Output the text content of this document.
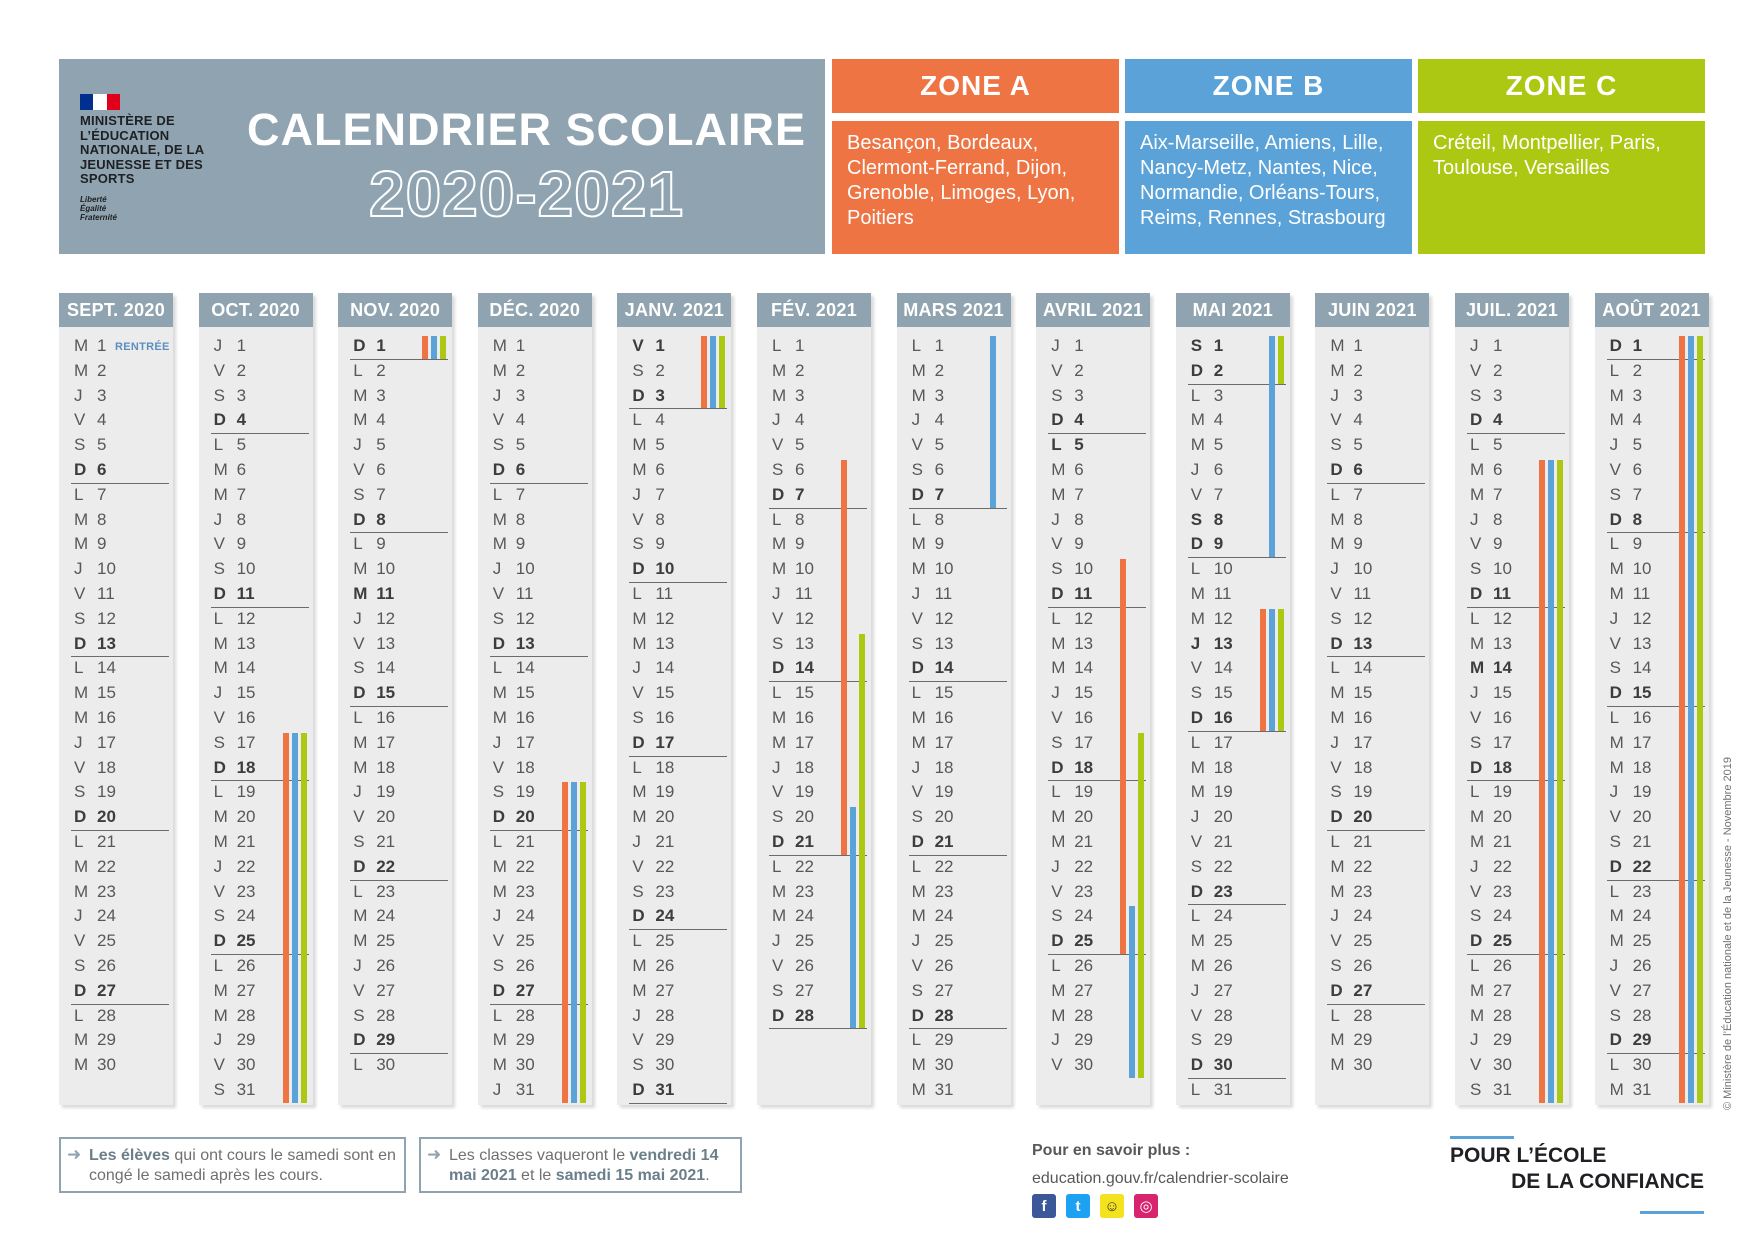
MINISTÈRE DE L’ÉDUCATION NATIONALE, DE LA JEUNESSE ET DES SPORTS
Liberté
Égalité
Fraternité
CALENDRIER SCOLAIRE
2020-2021
ZONE A
Besançon, Bordeaux, Clermont-Ferrand, Dijon, Grenoble, Limoges, Lyon, Poitiers
ZONE B
Aix-Marseille, Amiens, Lille, Nancy-Metz, Nantes, Nice, Normandie, Orléans-Tours, Reims, Rennes, Strasbourg
ZONE C
Créteil, Montpellier, Paris, Toulouse, Versailles
SEPT. 2020
M 1 RENTRÉE
M 2
J 3
V 4
S 5
D 6
L 7
M 8
M 9
J 10
V 11
S 12
D 13
L 14
M 15
M 16
J 17
V 18
S 19
D 20
L 21
M 22
M 23
J 24
V 25
S 26
D 27
L 28
M 29
M 30
OCT. 2020
J 1
V 2
S 3
D 4
L 5
M 6
M 7
J 8
V 9
S 10
D 11
L 12
M 13
M 14
J 15
V 16
S 17
D 18
L 19
M 20
M 21
J 22
V 23
S 24
D 25
L 26
M 27
M 28
J 29
V 30
S 31
NOV. 2020
D 1
L 2
M 3
M 4
J 5
V 6
S 7
D 8
L 9
M 10
M 11
J 12
V 13
S 14
D 15
L 16
M 17
M 18
J 19
V 20
S 21
D 22
L 23
M 24
M 25
J 26
V 27
S 28
D 29
L 30
DÉC. 2020
M 1
M 2
J 3
V 4
S 5
D 6
L 7
M 8
M 9
J 10
V 11
S 12
D 13
L 14
M 15
M 16
J 17
V 18
S 19
D 20
L 21
M 22
M 23
J 24
V 25
S 26
D 27
L 28
M 29
M 30
J 31
JANV. 2021
V 1
S 2
D 3
L 4
M 5
M 6
J 7
V 8
S 9
D 10
L 11
M 12
M 13
J 14
V 15
S 16
D 17
L 18
M 19
M 20
J 21
V 22
S 23
D 24
L 25
M 26
M 27
J 28
V 29
S 30
D 31
FÉV. 2021
L 1
M 2
M 3
J 4
V 5
S 6
D 7
L 8
M 9
M 10
J 11
V 12
S 13
D 14
L 15
M 16
M 17
J 18
V 19
S 20
D 21
L 22
M 23
M 24
J 25
V 26
S 27
D 28
MARS 2021
L 1
M 2
M 3
J 4
V 5
S 6
D 7
L 8
M 9
M 10
J 11
V 12
S 13
D 14
L 15
M 16
M 17
J 18
V 19
S 20
D 21
L 22
M 23
M 24
J 25
V 26
S 27
D 28
L 29
M 30
M 31
AVRIL 2021
J 1
V 2
S 3
D 4
L 5
M 6
M 7
J 8
V 9
S 10
D 11
L 12
M 13
M 14
J 15
V 16
S 17
D 18
L 19
M 20
M 21
J 22
V 23
S 24
D 25
L 26
M 27
M 28
J 29
V 30
MAI 2021
S 1
D 2
L 3
M 4
M 5
J 6
V 7
S 8
D 9
L 10
M 11
M 12
J 13
V 14
S 15
D 16
L 17
M 18
M 19
J 20
V 21
S 22
D 23
L 24
M 25
M 26
J 27
V 28
S 29
D 30
L 31
JUIN 2021
M 1
M 2
J 3
V 4
S 5
D 6
L 7
M 8
M 9
J 10
V 11
S 12
D 13
L 14
M 15
M 16
J 17
V 18
S 19
D 20
L 21
M 22
M 23
J 24
V 25
S 26
D 27
L 28
M 29
M 30
JUIL. 2021
J 1
V 2
S 3
D 4
L 5
M 6
M 7
J 8
V 9
S 10
D 11
L 12
M 13
M 14
J 15
V 16
S 17
D 18
L 19
M 20
M 21
J 22
V 23
S 24
D 25
L 26
M 27
M 28
J 29
V 30
S 31
AOÛT 2021
D 1
L 2
M 3
M 4
J 5
V 6
S 7
D 8
L 9
M 10
M 11
J 12
V 13
S 14
D 15
L 16
M 17
M 18
J 19
V 20
S 21
D 22
L 23
M 24
M 25
J 26
V 27
S 28
D 29
L 30
M 31
➜ Les élèves qui ont cours le samedi sont en congé le samedi après les cours.
➜ Les classes vaqueront le vendredi 14 mai 2021 et le samedi 15 mai 2021.
Pour en savoir plus :
education.gouv.fr/calendrier-scolaire
f	t	☺	◎
POUR L’ÉCOLE
DE LA CONFIANCE
© Ministère de l’Éducation nationale et de la Jeunesse - Novembre 2019
